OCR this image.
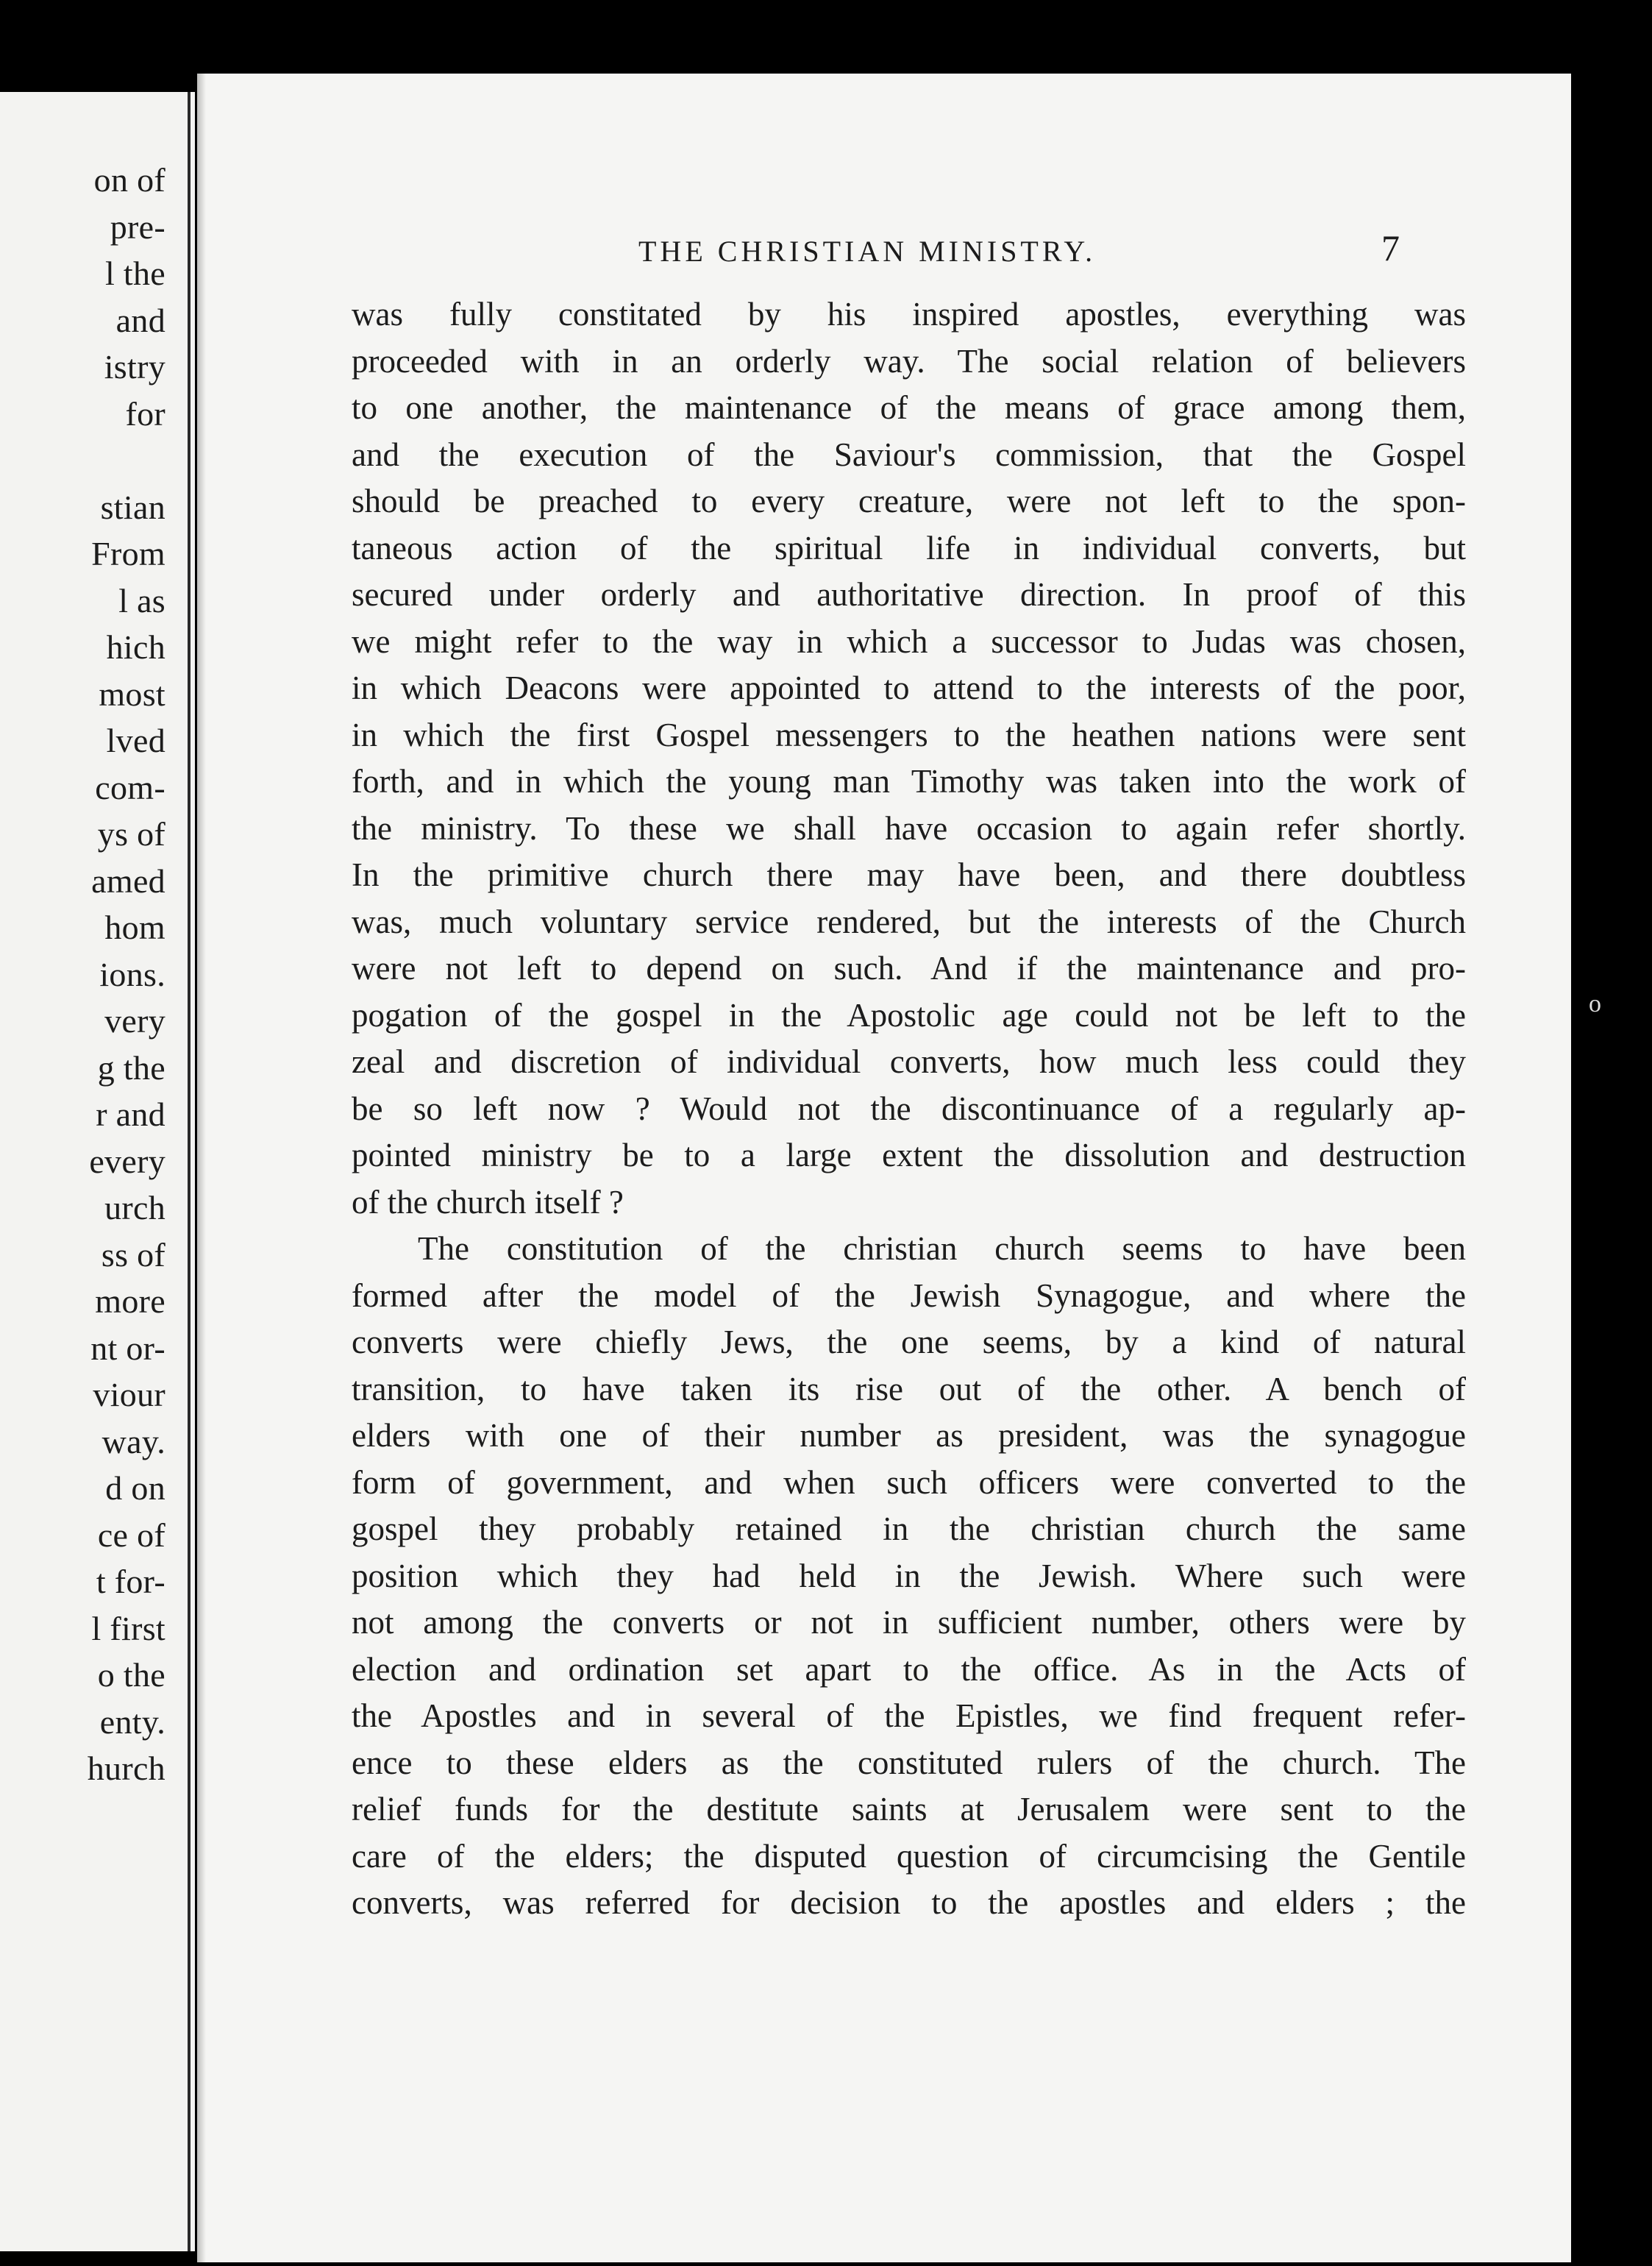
on of

pre-

l the

and

istry

for

stian

From

l as

hich

most

lved

com-

ys of

amed

hom

ions.

very

g the

r and

every

urch

ss of

more

nt or-

viour

way.

d on

ce of

t for-

l first

o the

enty.

hurch

THE CHRISTIAN MINISTRY.	7

was fully constitated by his inspired apostles, everything was
proceeded with in an orderly way. The social relation of believers
to one another, the maintenance of the means of grace among them,
and the execution of the Saviour's commission, that the Gospel
should be preached to every creature, were not left to the spon-
taneous action of the spiritual life in individual converts, but
secured under orderly and authoritative direction. In proof of this
we might refer to the way in which a successor to Judas was chosen,
in which Deacons were appointed to attend to the interests of the poor,
in which the first Gospel messengers to the heathen nations were sent
forth, and in which the young man Timothy was taken into the work of
the ministry. To these we shall have occasion to again refer shortly.
In the primitive church there may have been, and there doubtless
was, much voluntary service rendered, but the interests of the Church
were not left to depend on such. And if the maintenance and pro-
pogation of the gospel in the Apostolic age could not be left to the
zeal and discretion of individual converts, how much less could they
be so left now ? Would not the discontinuance of a regularly ap-
pointed ministry be to a large extent the dissolution and destruction
of the church itself ?

The constitution of the christian church seems to have been
formed after the model of the Jewish Synagogue, and where the
converts were chiefly Jews, the one seems, by a kind of natural
transition, to have taken its rise out of the other. A bench of
elders with one of their number as president, was the synagogue
form of government, and when such officers were converted to the
gospel they probably retained in the christian church the same
position which they had held in the Jewish. Where such were
not among the converts or not in sufficient number, others were by
election and ordination set apart to the office. As in the Acts of
the Apostles and in several of the Epistles, we find frequent refer-
ence to these elders as the constituted rulers of the church. The
relief funds for the destitute saints at Jerusalem were sent to the
care of the elders; the disputed question of circumcising the Gentile
converts, was referred for decision to the apostles and elders ; the

o
